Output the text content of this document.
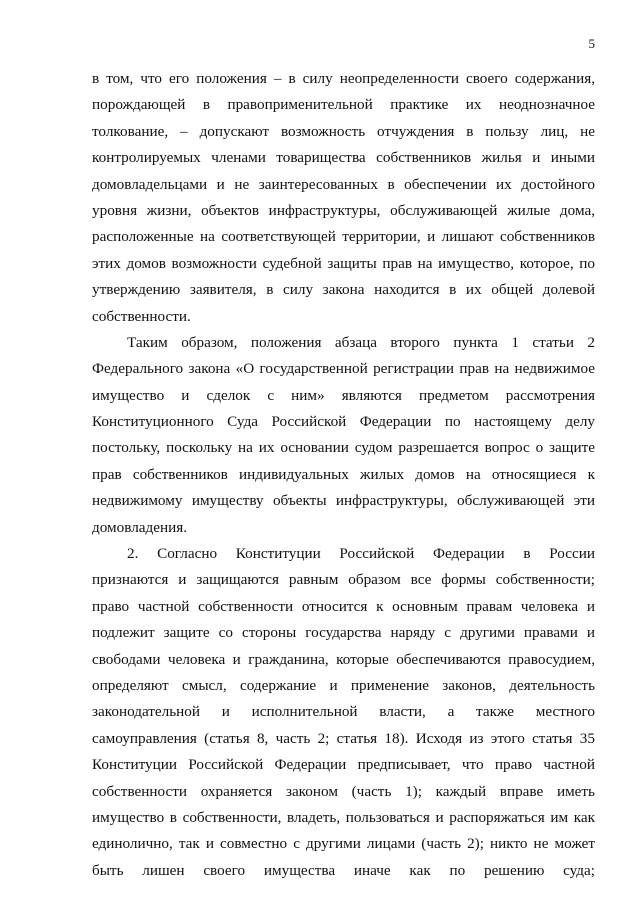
5
в том, что его положения – в силу неопределенности своего содержания,
порождающей в правоприменительной практике их неоднозначное
толкование, – допускают возможность отчуждения в пользу лиц, не
контролируемых членами товарищества собственников жилья и иными
домовладельцами и не заинтересованных в обеспечении их достойного
уровня жизни, объектов инфраструктуры, обслуживающей жилые дома,
расположенные на соответствующей территории, и лишают собственников
этих домов возможности судебной защиты прав на имущество, которое, по
утверждению заявителя, в силу закона находится в их общей долевой
собственности.
Таким образом, положения абзаца второго пункта 1 статьи 2
Федерального закона «О государственной регистрации прав на недвижимое
имущество и сделок с ним» являются предметом рассмотрения
Конституционного Суда Российской Федерации по настоящему делу
постольку, поскольку на их основании судом разрешается вопрос о защите
прав собственников индивидуальных жилых домов на относящиеся к
недвижимому имуществу объекты инфраструктуры, обслуживающей эти
домовладения.
2. Согласно Конституции Российской Федерации в России
признаются и защищаются равным образом все формы собственности;
право частной собственности относится к основным правам человека и
подлежит защите со стороны государства наряду с другими правами и
свободами человека и гражданина, которые обеспечиваются правосудием,
определяют смысл, содержание и применение законов, деятельность
законодательной и исполнительной власти, а также местного
самоуправления (статья 8, часть 2; статья 18). Исходя из этого статья 35
Конституции Российской Федерации предписывает, что право частной
собственности охраняется законом (часть 1); каждый вправе иметь
имущество в собственности, владеть, пользоваться и распоряжаться им как
единолично, так и совместно с другими лицами (часть 2); никто не может
быть лишен своего имущества иначе как по решению суда;
